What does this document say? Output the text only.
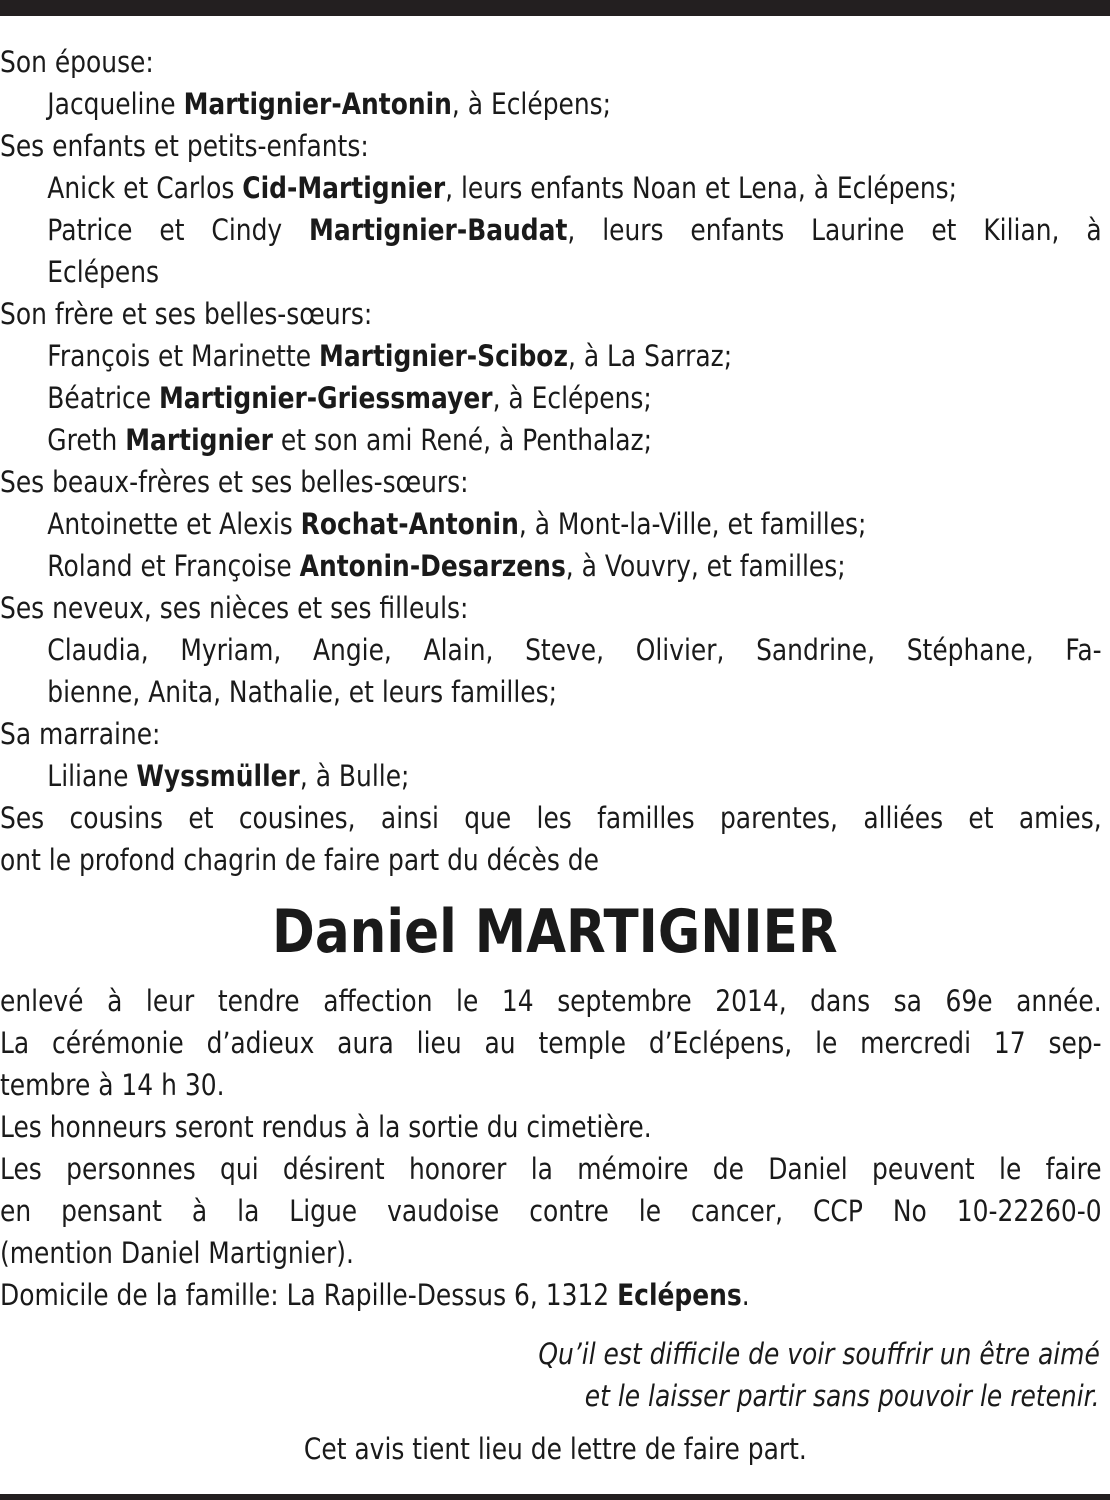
Son épouse:
Jacqueline Martignier-Antonin, à Eclépens;
Ses enfants et petits-enfants:
Anick et Carlos Cid-Martignier, leurs enfants Noan et Lena, à Eclépens;
Patrice et Cindy Martignier-Baudat, leurs enfants Laurine et Kilian, à
Eclépens
Son frère et ses belles-sœurs:
François et Marinette Martignier-Sciboz, à La Sarraz;
Béatrice Martignier-Griessmayer, à Eclépens;
Greth Martignier et son ami René, à Penthalaz;
Ses beaux-frères et ses belles-sœurs:
Antoinette et Alexis Rochat-Antonin, à Mont-la-Ville, et familles;
Roland et Françoise Antonin-Desarzens, à Vouvry, et familles;
Ses neveux, ses nièces et ses filleuls:
Claudia, Myriam, Angie, Alain, Steve, Olivier, Sandrine, Stéphane, Fa-
bienne, Anita, Nathalie, et leurs familles;
Sa marraine:
Liliane Wyssmüller, à Bulle;
Ses cousins et cousines, ainsi que les familles parentes, alliées et amies,
ont le profond chagrin de faire part du décès de
Daniel MARTIGNIER
enlevé à leur tendre affection le 14 septembre 2014, dans sa 69e année.
La cérémonie d’adieux aura lieu au temple d’Eclépens, le mercredi 17 sep-
tembre à 14 h 30.
Les honneurs seront rendus à la sortie du cimetière.
Les personnes qui désirent honorer la mémoire de Daniel peuvent le faire
en pensant à la Ligue vaudoise contre le cancer, CCP No 10-22260-0
(mention Daniel Martignier).
Domicile de la famille: La Rapille-Dessus 6, 1312 Eclépens.
Qu’il est difficile de voir souffrir un être aimé
et le laisser partir sans pouvoir le retenir.
Cet avis tient lieu de lettre de faire part.
